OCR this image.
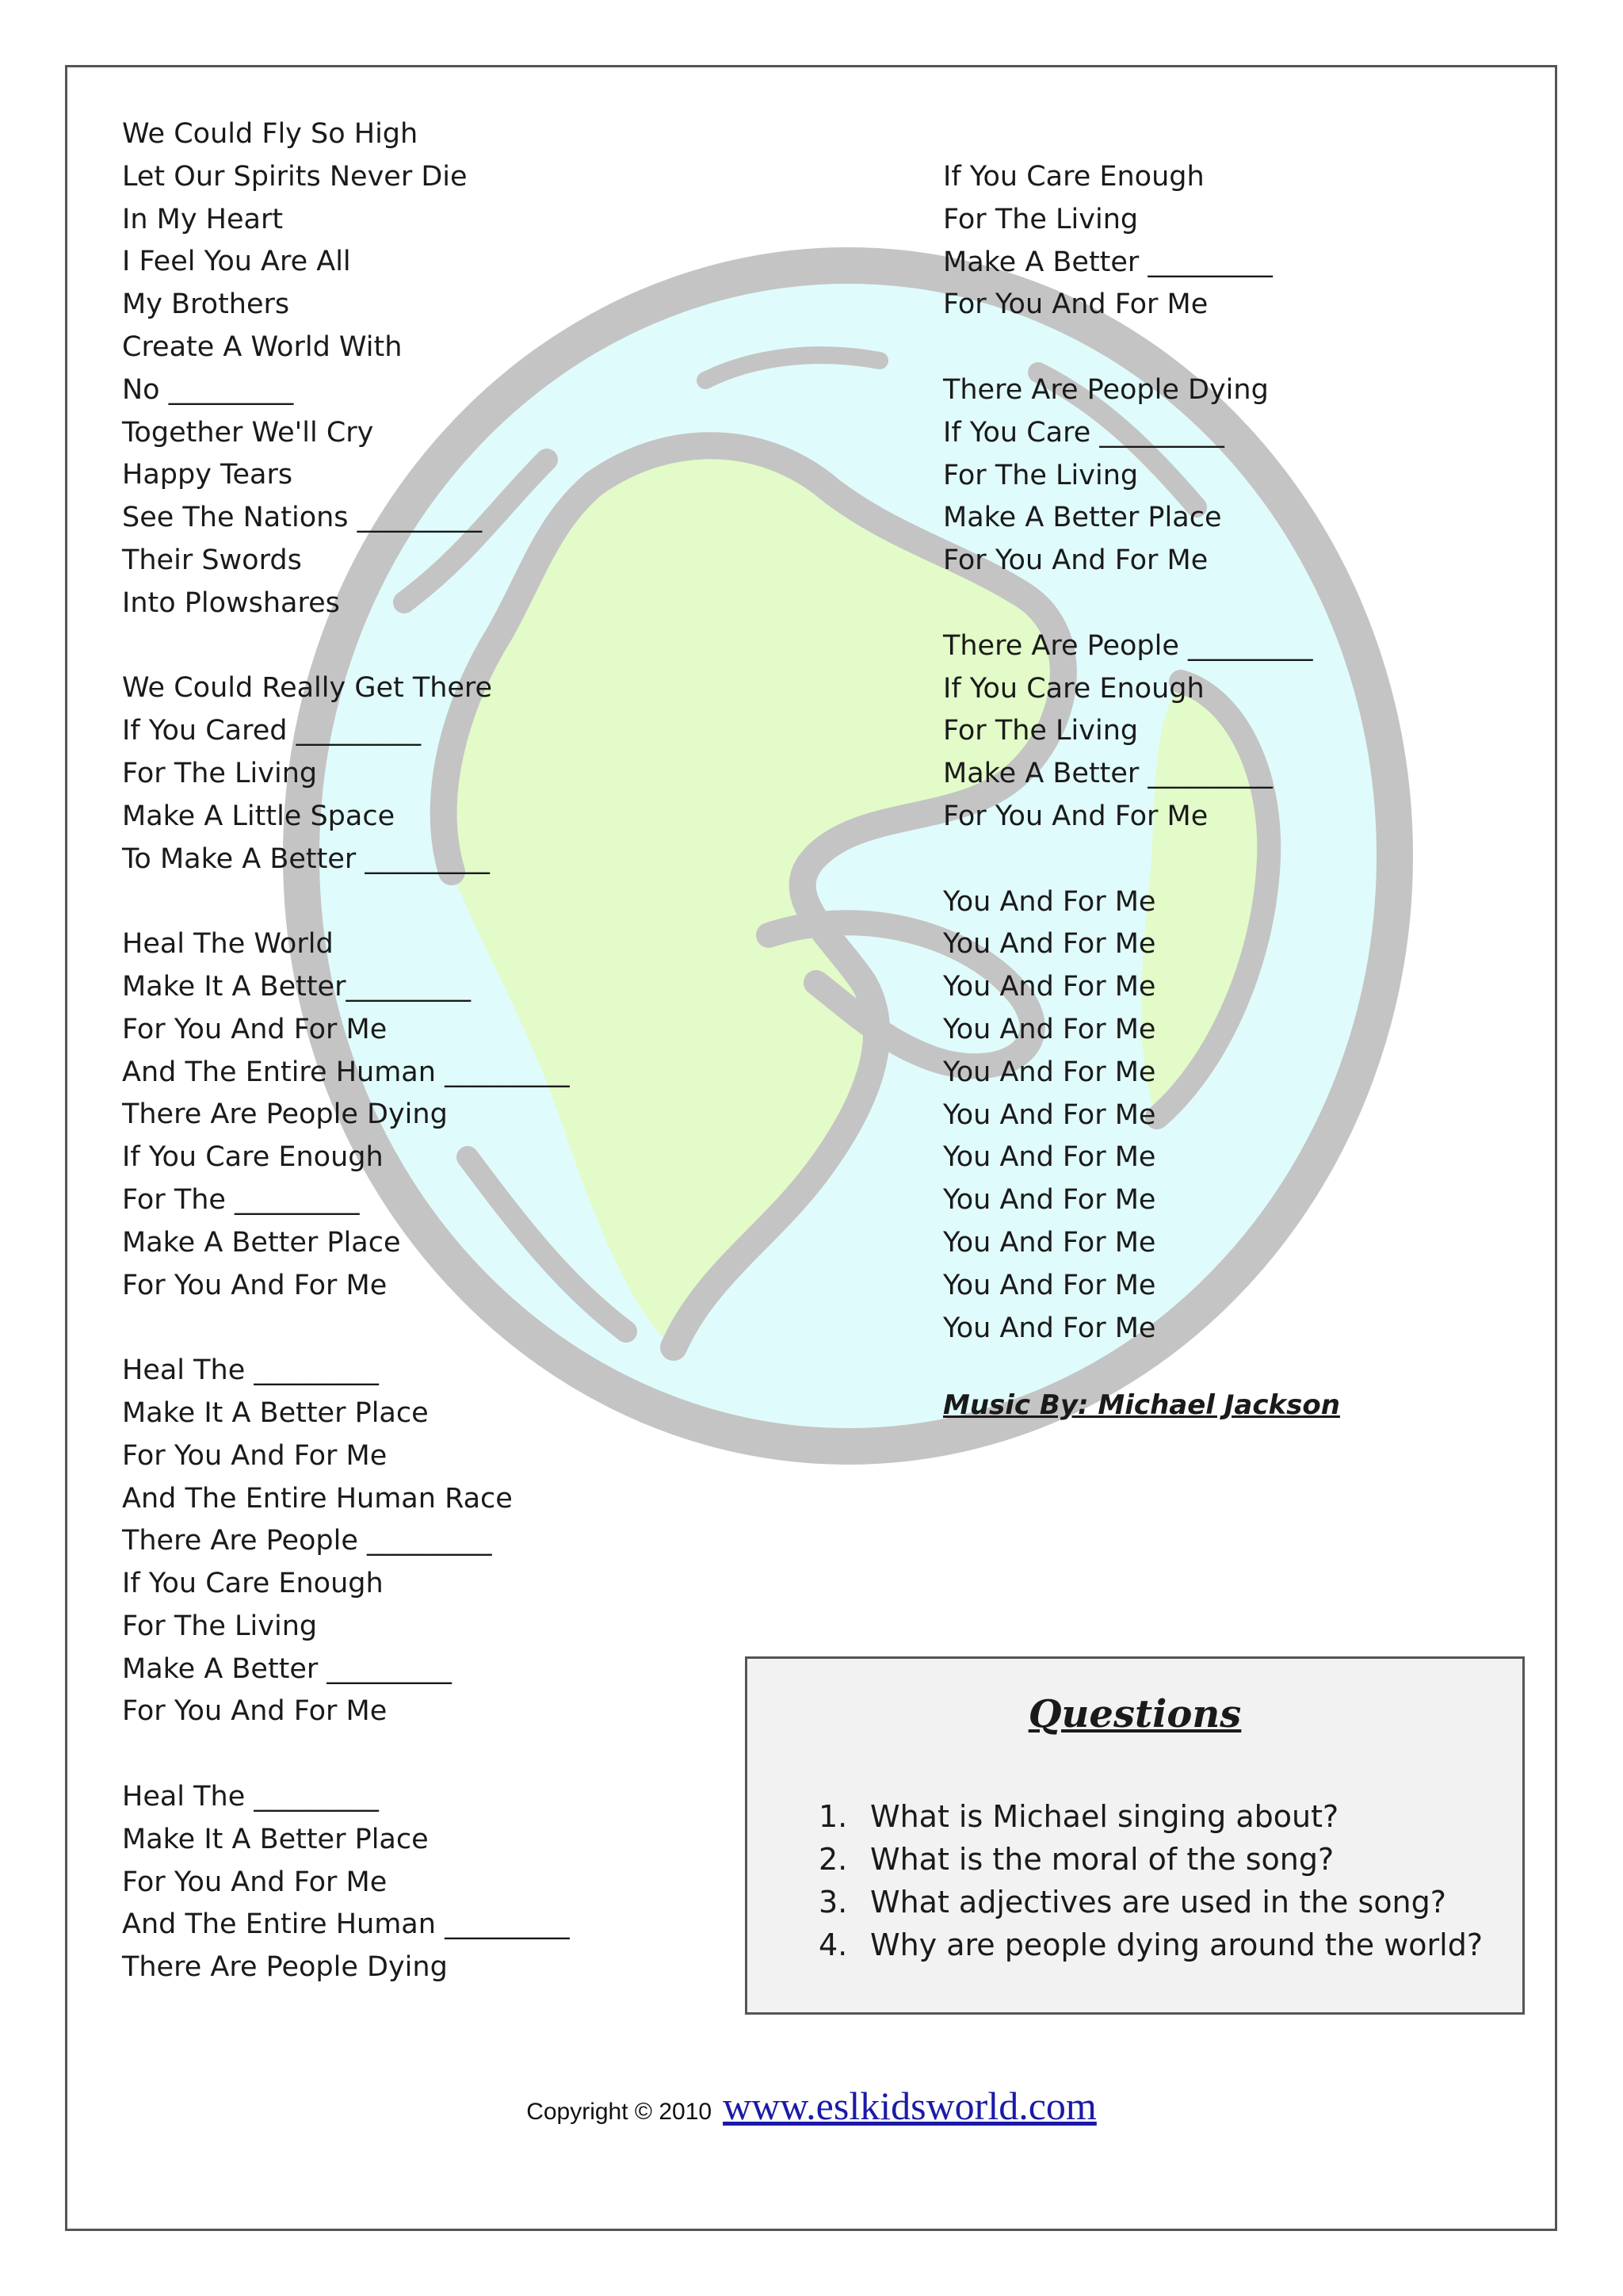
We Could Fly So High
Let Our Spirits Never Die
In My Heart
I Feel You Are All
My Brothers
Create A World With
No _________
Together We'll Cry
Happy Tears
See The Nations _________
Their Swords
Into Plowshares
We Could Really Get There
If You Cared _________
For The Living
Make A Little Space
To Make A Better _________
Heal The World
Make It A Better_________
For You And For Me
And The Entire Human _________
There Are People Dying
If You Care Enough
For The _________
Make A Better Place
For You And For Me
Heal The _________
Make It A Better Place
For You And For Me
And The Entire Human Race
There Are People _________
If You Care Enough
For The Living
Make A Better _________
For You And For Me
Heal The _________
Make It A Better Place
For You And For Me
And The Entire Human _________
There Are People Dying
If You Care Enough
For The Living
Make A Better _________
For You And For Me
There Are People Dying
If You Care _________
For The Living
Make A Better Place
For You And For Me
There Are People _________
If You Care Enough
For The Living
Make A Better _________
For You And For Me
You And For Me
You And For Me
You And For Me
You And For Me
You And For Me
You And For Me
You And For Me
You And For Me
You And For Me
You And For Me
You And For Me
Music By: Michael Jackson
Questions
1. What is Michael singing about?
2. What is the moral of the song?
3. What adjectives are used in the song?
4. Why are people dying around the world?
Copyright © 2010 www.eslkidsworld.com
